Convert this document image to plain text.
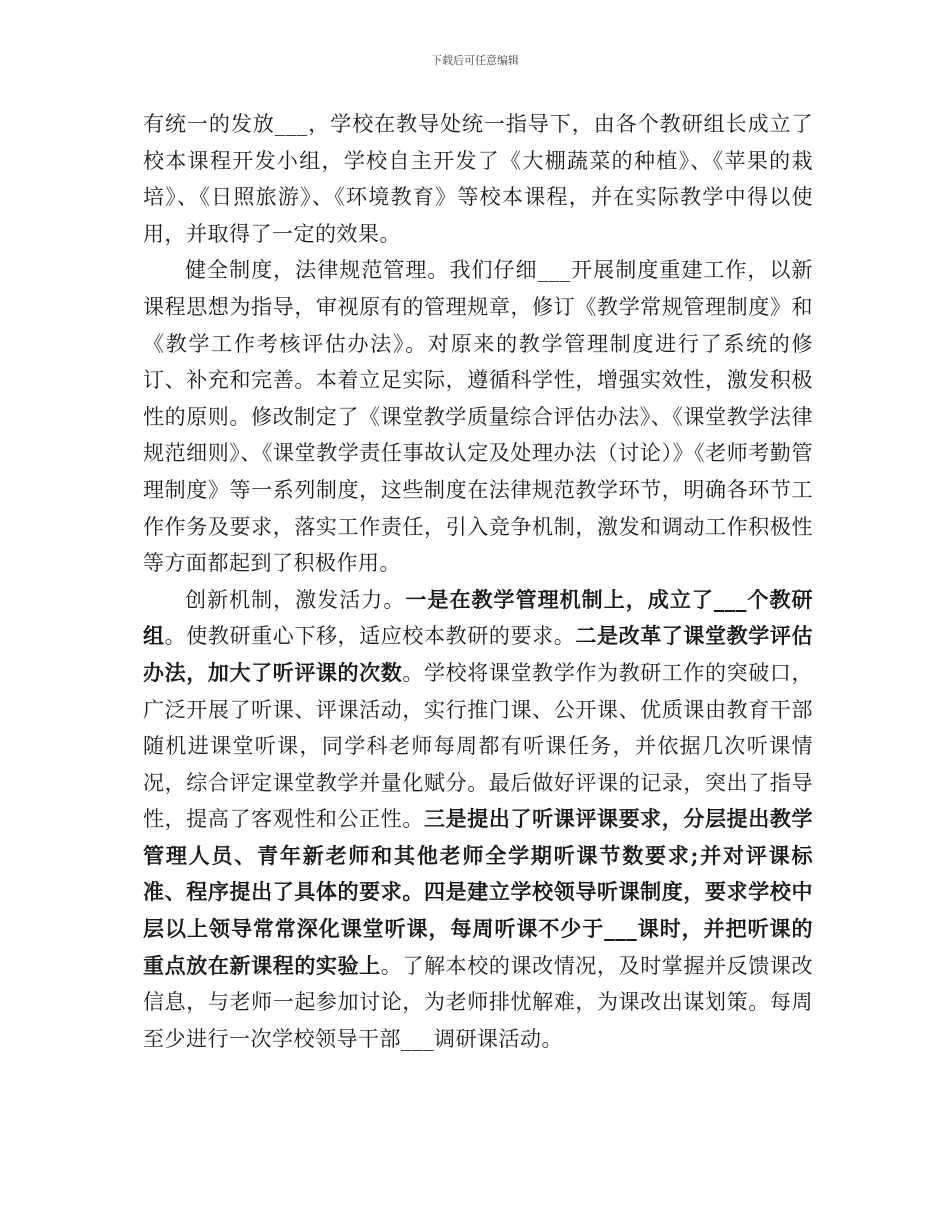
下载后可任意编辑

有统一的发放___，学校在教导处统一指导下，由各个教研组长成立了校本课程开发小组，学校自主开发了《大棚蔬菜的种植》、《苹果的栽培》、《日照旅游》、《环境教育》等校本课程，并在实际教学中得以使用，并取得了一定的效果。

健全制度，法律规范管理。我们仔细___开展制度重建工作，以新课程思想为指导，审视原有的管理规章，修订《教学常规管理制度》和《教学工作考核评估办法》。对原来的教学管理制度进行了系统的修订、补充和完善。本着立足实际，遵循科学性，增强实效性，激发积极性的原则。修改制定了《课堂教学质量综合评估办法》、《课堂教学法律规范细则》、《课堂教学责任事故认定及处理办法（讨论）》《老师考勤管理制度》等一系列制度，这些制度在法律规范教学环节，明确各环节工作作务及要求，落实工作责任，引入竞争机制，激发和调动工作积极性等方面都起到了积极作用。

创新机制，激发活力。一是在教学管理机制上，成立了___个教研组。使教研重心下移，适应校本教研的要求。二是改革了课堂教学评估办法，加大了听评课的次数。学校将课堂教学作为教研工作的突破口，广泛开展了听课、评课活动，实行推门课、公开课、优质课由教育干部随机进课堂听课，同学科老师每周都有听课任务，并依据几次听课情况，综合评定课堂教学并量化赋分。最后做好评课的记录，突出了指导性，提高了客观性和公正性。三是提出了听课评课要求，分层提出教学管理人员、青年新老师和其他老师全学期听课节数要求;并对评课标准、程序提出了具体的要求。四是建立学校领导听课制度，要求学校中层以上领导常常深化课堂听课，每周听课不少于___课时，并把听课的重点放在新课程的实验上。了解本校的课改情况，及时掌握并反馈课改信息，与老师一起参加讨论，为老师排忧解难，为课改出谋划策。每周至少进行一次学校领导干部___调研课活动。
